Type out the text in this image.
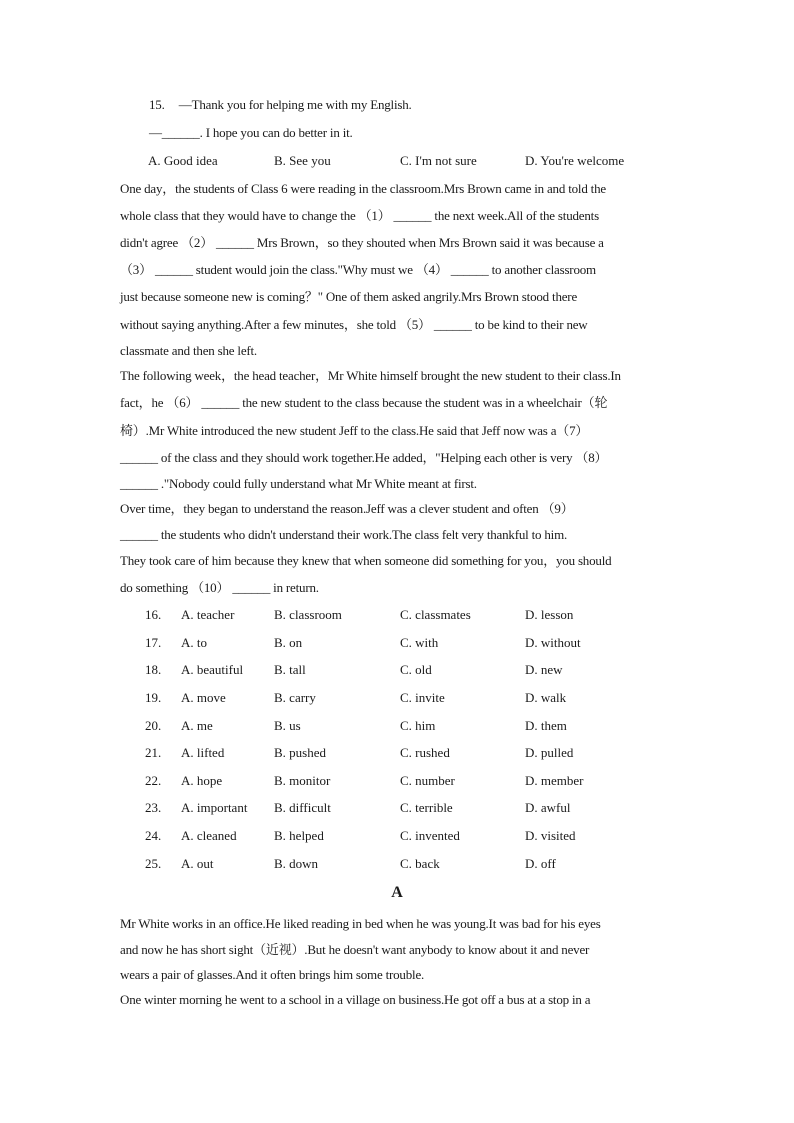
15. —Thank you for helping me with my English.
—______. I hope you can do better in it.
A. Good idea	B. See you	C. I'm not sure	D. You're welcome
One day，the students of Class 6 were reading in the classroom.Mrs Brown came in and told the
whole class that they would have to change the （1） ______ the next week.All of the students
didn't agree （2） ______ Mrs Brown，so they shouted when Mrs Brown said it was because a
（3） ______ student would join the class."Why must we （4） ______ to another classroom
just because someone new is coming？" One of them asked angrily.Mrs Brown stood there
without saying anything.After a few minutes，she told （5） ______ to be kind to their new
classmate and then she left.
The following week，the head teacher，Mr White himself brought the new student to their class.In
fact，he （6） ______ the new student to the class because the student was in a wheelchair（轮
椅）.Mr White introduced the new student Jeff to the class.He said that Jeff now was a（7）
______ of the class and they should work together.He added，"Helping each other is very （8）
______ ."Nobody could fully understand what Mr White meant at first.
Over time，they began to understand the reason.Jeff was a clever student and often （9）
______ the students who didn't understand their work.The class felt very thankful to him.
They took care of him because they knew that when someone did something for you，you should
do something （10） ______ in return.
16. A. teacher	B. classroom	C. classmates	D. lesson
17. A. to	B. on	C. with	D. without
18. A. beautiful B. tall	C. old	D. new
19. A. move	B. carry	C. invite	D. walk
20. A. me	B. us	C. him	D. them
21. A. lifted	B. pushed	C. rushed	D. pulled
22. A. hope	B. monitor	C. number	D. member
23. A. important B. difficult	C. terrible	D. awful
24. A. cleaned	B. helped	C. invented	D. visited
25. A. out	B. down	C. back	D. off
A
Mr White works in an office.He liked reading in bed when he was young.It was bad for his eyes
and now he has short sight（近视）.But he doesn't want anybody to know about it and never
wears a pair of glasses.And it often brings him some trouble.
One winter morning he went to a school in a village on business.He got off a bus at a stop in a
